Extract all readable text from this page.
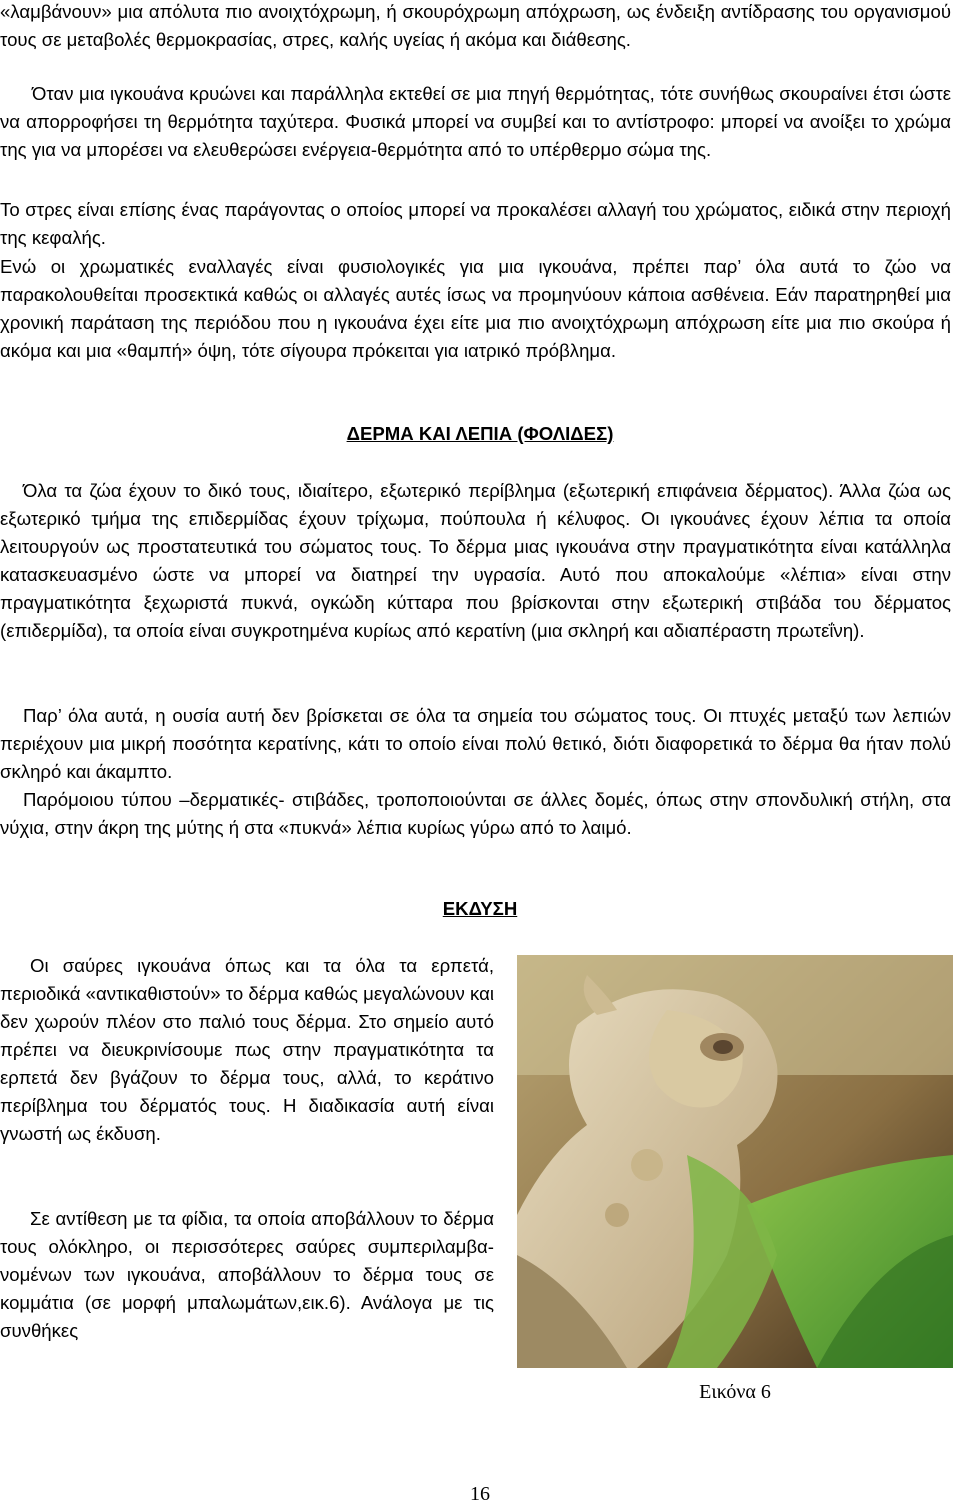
«λαμβάνουν» μια απόλυτα πιο ανοιχτόχρωμη, ή σκουρόχρωμη απόχρωση, ως ένδειξη αντίδρασης του οργανισμού τους σε μεταβολές θερμοκρασίας, στρες, καλής υγείας ή ακόμα και διάθεσης.

Όταν μια ιγκουάνα κρυώνει και παράλληλα εκτεθεί σε μια πηγή θερμότητας, τότε συνήθως σκουραίνει έτσι ώστε να απορροφήσει τη θερμότητα ταχύτερα. Φυσικά μπορεί να συμβεί και το αντίστροφο: μπορεί να ανοίξει το χρώμα της για να μπορέσει να ελευθερώσει ενέργεια-θερμότητα από το υπέρθερμο σώμα της.

Το στρες είναι επίσης ένας παράγοντας ο οποίος μπορεί να προκαλέσει αλλαγή του χρώματος, ειδικά στην περιοχή της κεφαλής.

Ενώ οι χρωματικές εναλλαγές είναι φυσιολογικές για μια ιγκουάνα, πρέπει παρ’ όλα αυτά το ζώο να παρακολουθείται προσεκτικά καθώς οι αλλαγές αυτές ίσως να προμηνύουν κάποια ασθένεια. Εάν παρατηρηθεί μια χρονική παράταση της περιόδου που η ιγκουάνα έχει είτε μια πιο ανοιχτόχρωμη απόχρωση είτε μια πιο σκούρα ή ακόμα και μια «θαμπή» όψη, τότε σίγουρα πρόκειται για ιατρικό πρόβλημα.

ΔΕΡΜΑ ΚΑΙ ΛΕΠΙΑ (ΦΟΛΙΔΕΣ)

Όλα τα ζώα έχουν το δικό τους, ιδιαίτερο, εξωτερικό περίβλημα (εξωτερική επιφάνεια δέρματος). Άλλα ζώα ως εξωτερικό τμήμα της επιδερμίδας έχουν τρίχωμα, πούπουλα ή κέλυφος. Οι ιγκουάνες έχουν λέπια τα οποία λειτουργούν ως προστατευτικά του σώματος τους. Το δέρμα μιας ιγκουάνα στην πραγματικότητα είναι κατάλληλα κατασκευασμένο ώστε να μπορεί να διατηρεί την υγρασία. Αυτό που αποκαλούμε «λέπια» είναι στην πραγματικότητα ξεχωριστά πυκνά, ογκώδη κύτταρα που βρίσκονται στην εξωτερική στιβάδα του δέρματος (επιδερμίδα), τα οποία είναι συγκροτημένα κυρίως από κερατίνη (μια σκληρή και αδιαπέραστη πρωτεΐνη).

Παρ’ όλα αυτά, η ουσία αυτή δεν βρίσκεται σε όλα τα σημεία του σώματος τους. Οι πτυχές μεταξύ των λεπιών περιέχουν μια μικρή ποσότητα κερατίνης, κάτι το οποίο είναι πολύ θετικό, διότι διαφορετικά το δέρμα θα ήταν πολύ σκληρό και άκαμπτο.

Παρόμοιου τύπου –δερματικές- στιβάδες, τροποποιούνται σε άλλες δομές, όπως στην σπονδυλική στήλη, στα νύχια, στην άκρη της μύτης ή στα «πυκνά» λέπια κυρίως γύρω από το λαιμό.

ΕΚΔΥΣΗ

Οι σαύρες ιγκουάνα όπως και τα όλα τα ερπετά, περιοδικά «αντικαθιστούν» το δέρμα καθώς μεγαλώνουν και δεν χωρούν πλέον στο παλιό τους δέρμα. Στο σημείο αυτό πρέπει να διευκρινίσουμε πως στην πραγματικότητα τα ερπετά δεν βγάζουν το δέρμα τους, αλλά, το κεράτινο περίβλημα του δέρματός τους. Η διαδικασία αυτή είναι γνωστή ως έκδυση.

Σε αντίθεση με τα φίδια, τα οποία αποβάλλουν το δέρμα τους ολόκληρο, οι περισσότερες σαύρες συμπεριλαμβα-νομένων των ιγκουάνα, αποβάλλουν το δέρμα τους σε κομμάτια (σε μορφή μπαλωμάτων,εικ.6). Ανάλογα με τις συνθήκες

Εικόνα 6
16
